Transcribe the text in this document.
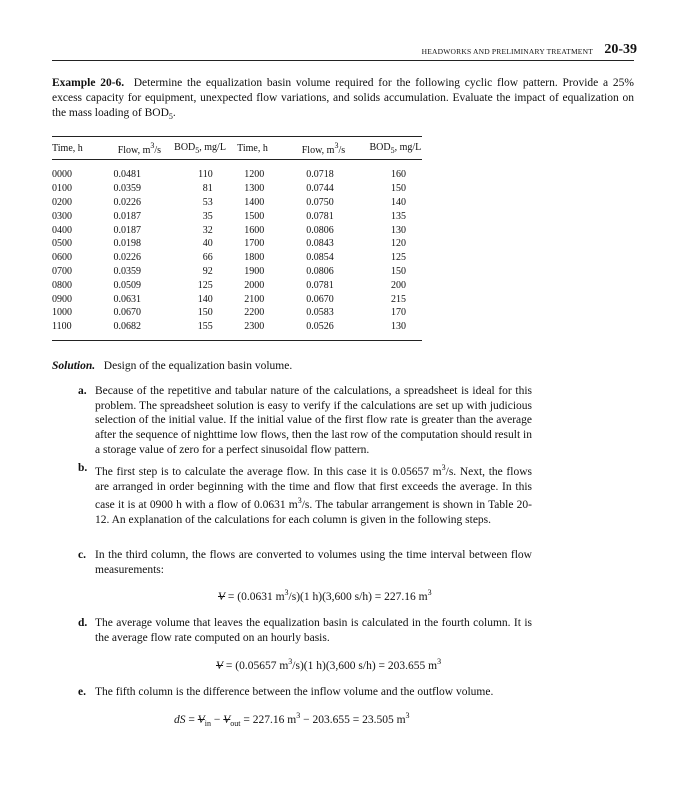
HEADWORKS AND PRELIMINARY TREATMENT 20-39
Example 20-6. Determine the equalization basin volume required for the following cyclic flow pattern. Provide a 25% excess capacity for equipment, unexpected flow variations, and solids accumulation. Evaluate the impact of equalization on the mass loading of $BOD_5$.
Time, h	Flow, $m^3/s$	$BOD_5$, mg/L	Time, h	Flow, $m^3/s$	$BOD_5$, mg/L
0000	0.0481	110	1200	0.0718	160
0100	0.0359	81	1300	0.0744	150
0200	0.0226	53	1400	0.0750	140
0300	0.0187	35	1500	0.0781	135
0400	0.0187	32	1600	0.0806	130
0500	0.0198	40	1700	0.0843	120
0600	0.0226	66	1800	0.0854	125
0700	0.0359	92	1900	0.0806	150
0800	0.0509	125	2000	0.0781	200
0900	0.0631	140	2100	0.0670	215
1000	0.0670	150	2200	0.0583	170
1100	0.0682	155	2300	0.0526	130
Solution. Design of the equalization basin volume.
a. Because of the repetitive and tabular nature of the calculations, a spreadsheet is ideal for this problem. The spreadsheet solution is easy to verify if the calculations are set up with judicious selection of the initial value. If the initial value of the first flow rate is greater than the average after the sequence of nighttime low flows, then the last row of the computation should result in a storage value of zero for a perfect sinusoidal flow pattern.
b. The first step is to calculate the average flow. In this case it is 0.05657 $m^3/s$. Next, the flows are arranged in order beginning with the time and flow that first exceeds the average. In this case it is at 0900 h with a flow of 0.0631 $m^3/s$. The tabular arrangement is shown in Table 20-12. An explanation of the calculations for each column is given in the following steps.
c. In the third column, the flows are converted to volumes using the time interval between flow measurements:
d. The average volume that leaves the equalization basin is calculated in the fourth column. It is the average flow rate computed on an hourly basis.
e. The fifth column is the difference between the inflow volume and the outflow volume.
V = (0.0631 $m^3/s)(1$ h)(3,600 s/h) = 227.16 $m^3$
V = (0.05657 $m^3/s)(1$ h)(3,600 s/h) = 203.655 $m^3$
dS = $V_{in} - V_{out} = 227.16$ $m^3 - 203.655 = 23.505$ $m^3$
